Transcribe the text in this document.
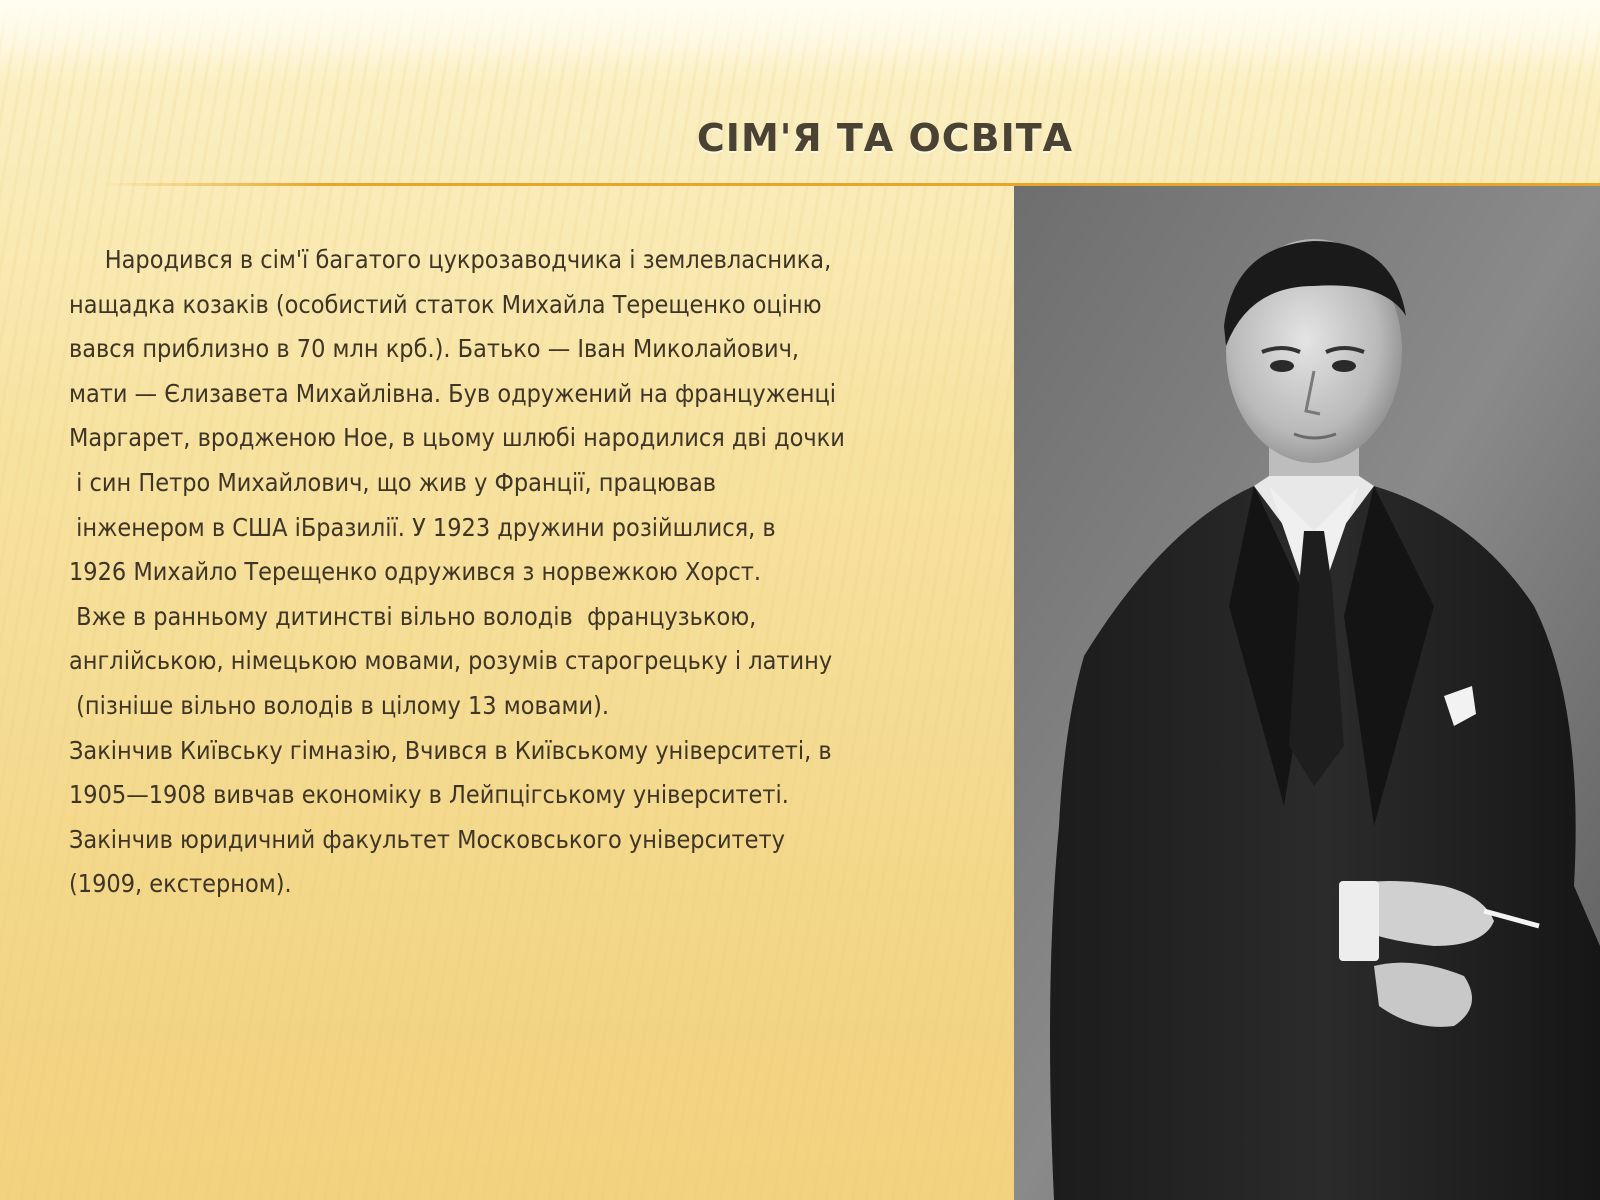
СІМ'Я ТА ОСВІТА
Народився в сім'ї багатого цукрозаводчика і землевласника,
нащадка козаків (особистий статок Михайла Терещенко оціню
вався приблизно в 70 млн крб.). Батько — Іван Миколайович,
мати — Єлизавета Михайлівна. Був одружений на француженці
Маргарет, вродженою Ное, в цьому шлюбі народилися дві дочки
і син Петро Михайлович, що жив у Франції, працював
інженером в США іБразилії. У 1923 дружини розійшлися, в
1926 Михайло Терещенко одружився з норвежкою Хорст.
Вже в ранньому дитинстві вільно володів  французькою,
англійською, німецькою мовами, розумів старогрецьку і латину
(пізніше вільно володів в цілому 13 мовами).
Закінчив Київську гімназію, Вчився в Київському університеті, в
1905—1908 вивчав економіку в Лейпцігському університеті.
Закінчив юридичний факультет Московського університету
(1909, екстерном).
